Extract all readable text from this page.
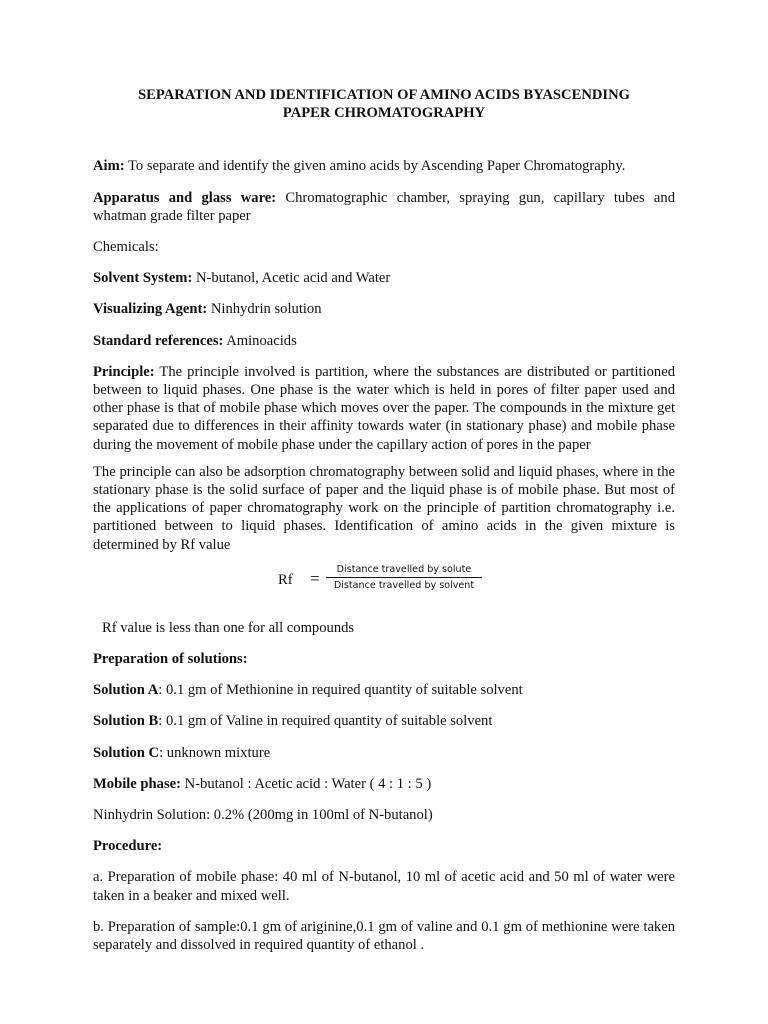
SEPARATION AND IDENTIFICATION OF AMINO ACIDS BYASCENDING
PAPER CHROMATOGRAPHY

Aim: To separate and identify the given amino acids by Ascending Paper Chromatography.

Apparatus and glass ware: Chromatographic chamber, spraying gun, capillary tubes and whatman grade filter paper

Chemicals:

Solvent System: N-butanol, Acetic acid and Water

Visualizing Agent: Ninhydrin solution

Standard references: Aminoacids

Principle: The principle involved is partition, where the substances are distributed or partitioned between to liquid phases. One phase is the water which is held in pores of filter paper used and other phase is that of mobile phase which moves over the paper. The compounds in the mixture get separated due to differences in their affinity towards water (in stationary phase) and mobile phase during the movement of mobile phase under the capillary action of pores in the paper

The principle can also be adsorption chromatography between solid and liquid phases, where in the stationary phase is the solid surface of paper and the liquid phase is of mobile phase. But most of the applications of paper chromatography work on the principle of partition chromatography i.e. partitioned between to liquid phases. Identification of amino acids in the given mixture is determined by Rf value

Rf =	Distance travelled by solute
Distance travelled by solvent

Rf value is less than one for all compounds

Preparation of solutions:

Solution A: 0.1 gm of Methionine in required quantity of suitable solvent

Solution B: 0.1 gm of Valine in required quantity of suitable solvent

Solution C: unknown mixture

Mobile phase: N-butanol : Acetic acid : Water ( 4 : 1 : 5 )

Ninhydrin Solution: 0.2% (200mg in 100ml of N-butanol)

Procedure:

a. Preparation of mobile phase: 40 ml of N-butanol, 10 ml of acetic acid and 50 ml of water were taken in a beaker and mixed well.

b. Preparation of sample:0.1 gm of ariginine,0.1 gm of valine and 0.1 gm of methionine were taken separately and dissolved in required quantity of ethanol .
